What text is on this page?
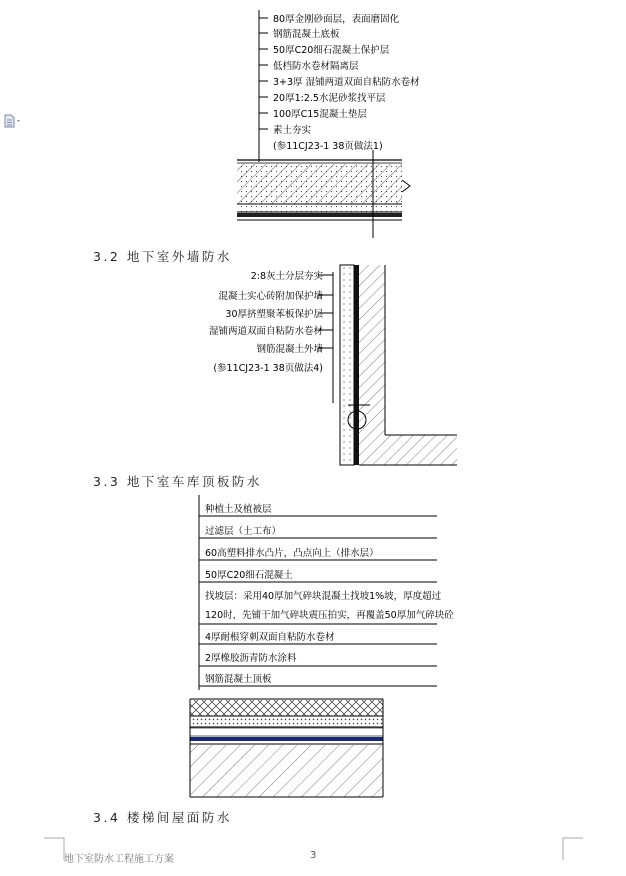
80厚金刚砂面层，表面磨固化
钢筋混凝土底板
50厚C20细石混凝土保护层
低档防水卷材隔离层
3+3厚 湿铺两道双面自粘防水卷材
20厚1:2.5水泥砂浆找平层
100厚C15混凝土垫层
素土夯实
(参11CJ23-1 38页做法1)
3.2 地下室外墙防水
2:8灰土分层夯实
混凝土实心砖附加保护墙
30厚挤塑聚苯板保护层
湿铺两道双面自粘防水卷材
钢筋混凝土外墙
(参11CJ23-1 38页做法4)
3.3 地下室车库顶板防水
种植土及植被层
过滤层（土工布）
60高塑料排水凸片，凸点向上（排水层）
50厚C20细石混凝土
找坡层：采用40厚加气碎块混凝土找坡1%坡，厚度超过
120时，先铺干加气碎块震压拍实，再覆盖50厚加气碎块砼
4厚耐根穿刺双面自粘防水卷材
2厚橡胶沥青防水涂料
钢筋混凝土顶板
3.4 楼梯间屋面防水
地下室防水工程施工方案	3
